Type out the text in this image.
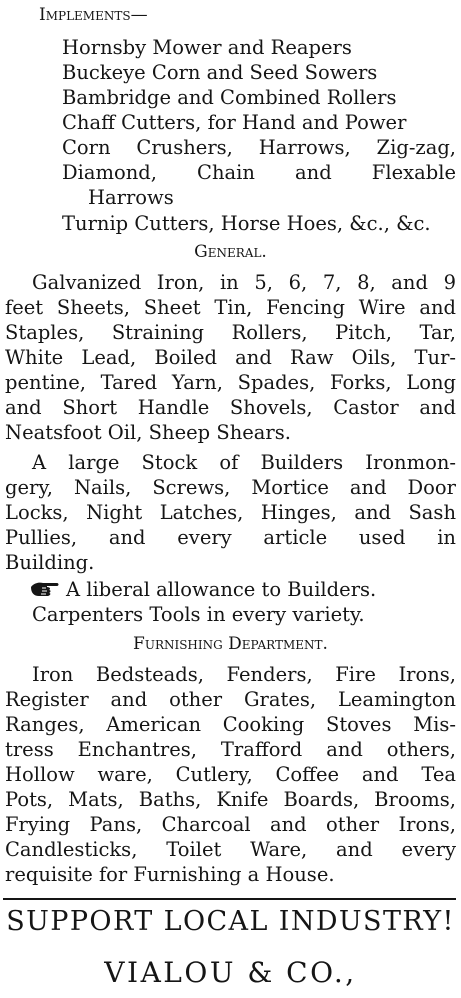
Implements—
Hornsby Mower and Reapers
Buckeye Corn and Seed Sowers
Bambridge and Combined Rollers
Chaff Cutters, for Hand and Power
Corn Crushers, Harrows, Zig-zag,
Diamond, Chain and Flexable
Harrows
Turnip Cutters, Horse Hoes, &c., &c.
General.
Galvanized Iron, in 5, 6, 7, 8, and 9
feet Sheets, Sheet Tin, Fencing Wire and
Staples, Straining Rollers, Pitch, Tar,
White Lead, Boiled and Raw Oils, Tur-
pentine, Tared Yarn, Spades, Forks, Long
and Short Handle Shovels, Castor and
Neatsfoot Oil, Sheep Shears.
A large Stock of Builders Ironmon-
gery, Nails, Screws, Mortice and Door
Locks, Night Latches, Hinges, and Sash
Pullies, and every article used in
Building.
A liberal allowance to Builders.
Carpenters Tools in every variety.
Furnishing Department.
Iron Bedsteads, Fenders, Fire Irons,
Register and other Grates, Leamington
Ranges, American Cooking Stoves Mis-
tress Enchantres, Trafford and others,
Hollow ware, Cutlery, Coffee and Tea
Pots, Mats, Baths, Knife Boards, Brooms,
Frying Pans, Charcoal and other Irons,
Candlesticks, Toilet Ware, and every
requisite for Furnishing a House.
SUPPORT LOCAL INDUSTRY!
VIALOU & CO.,
